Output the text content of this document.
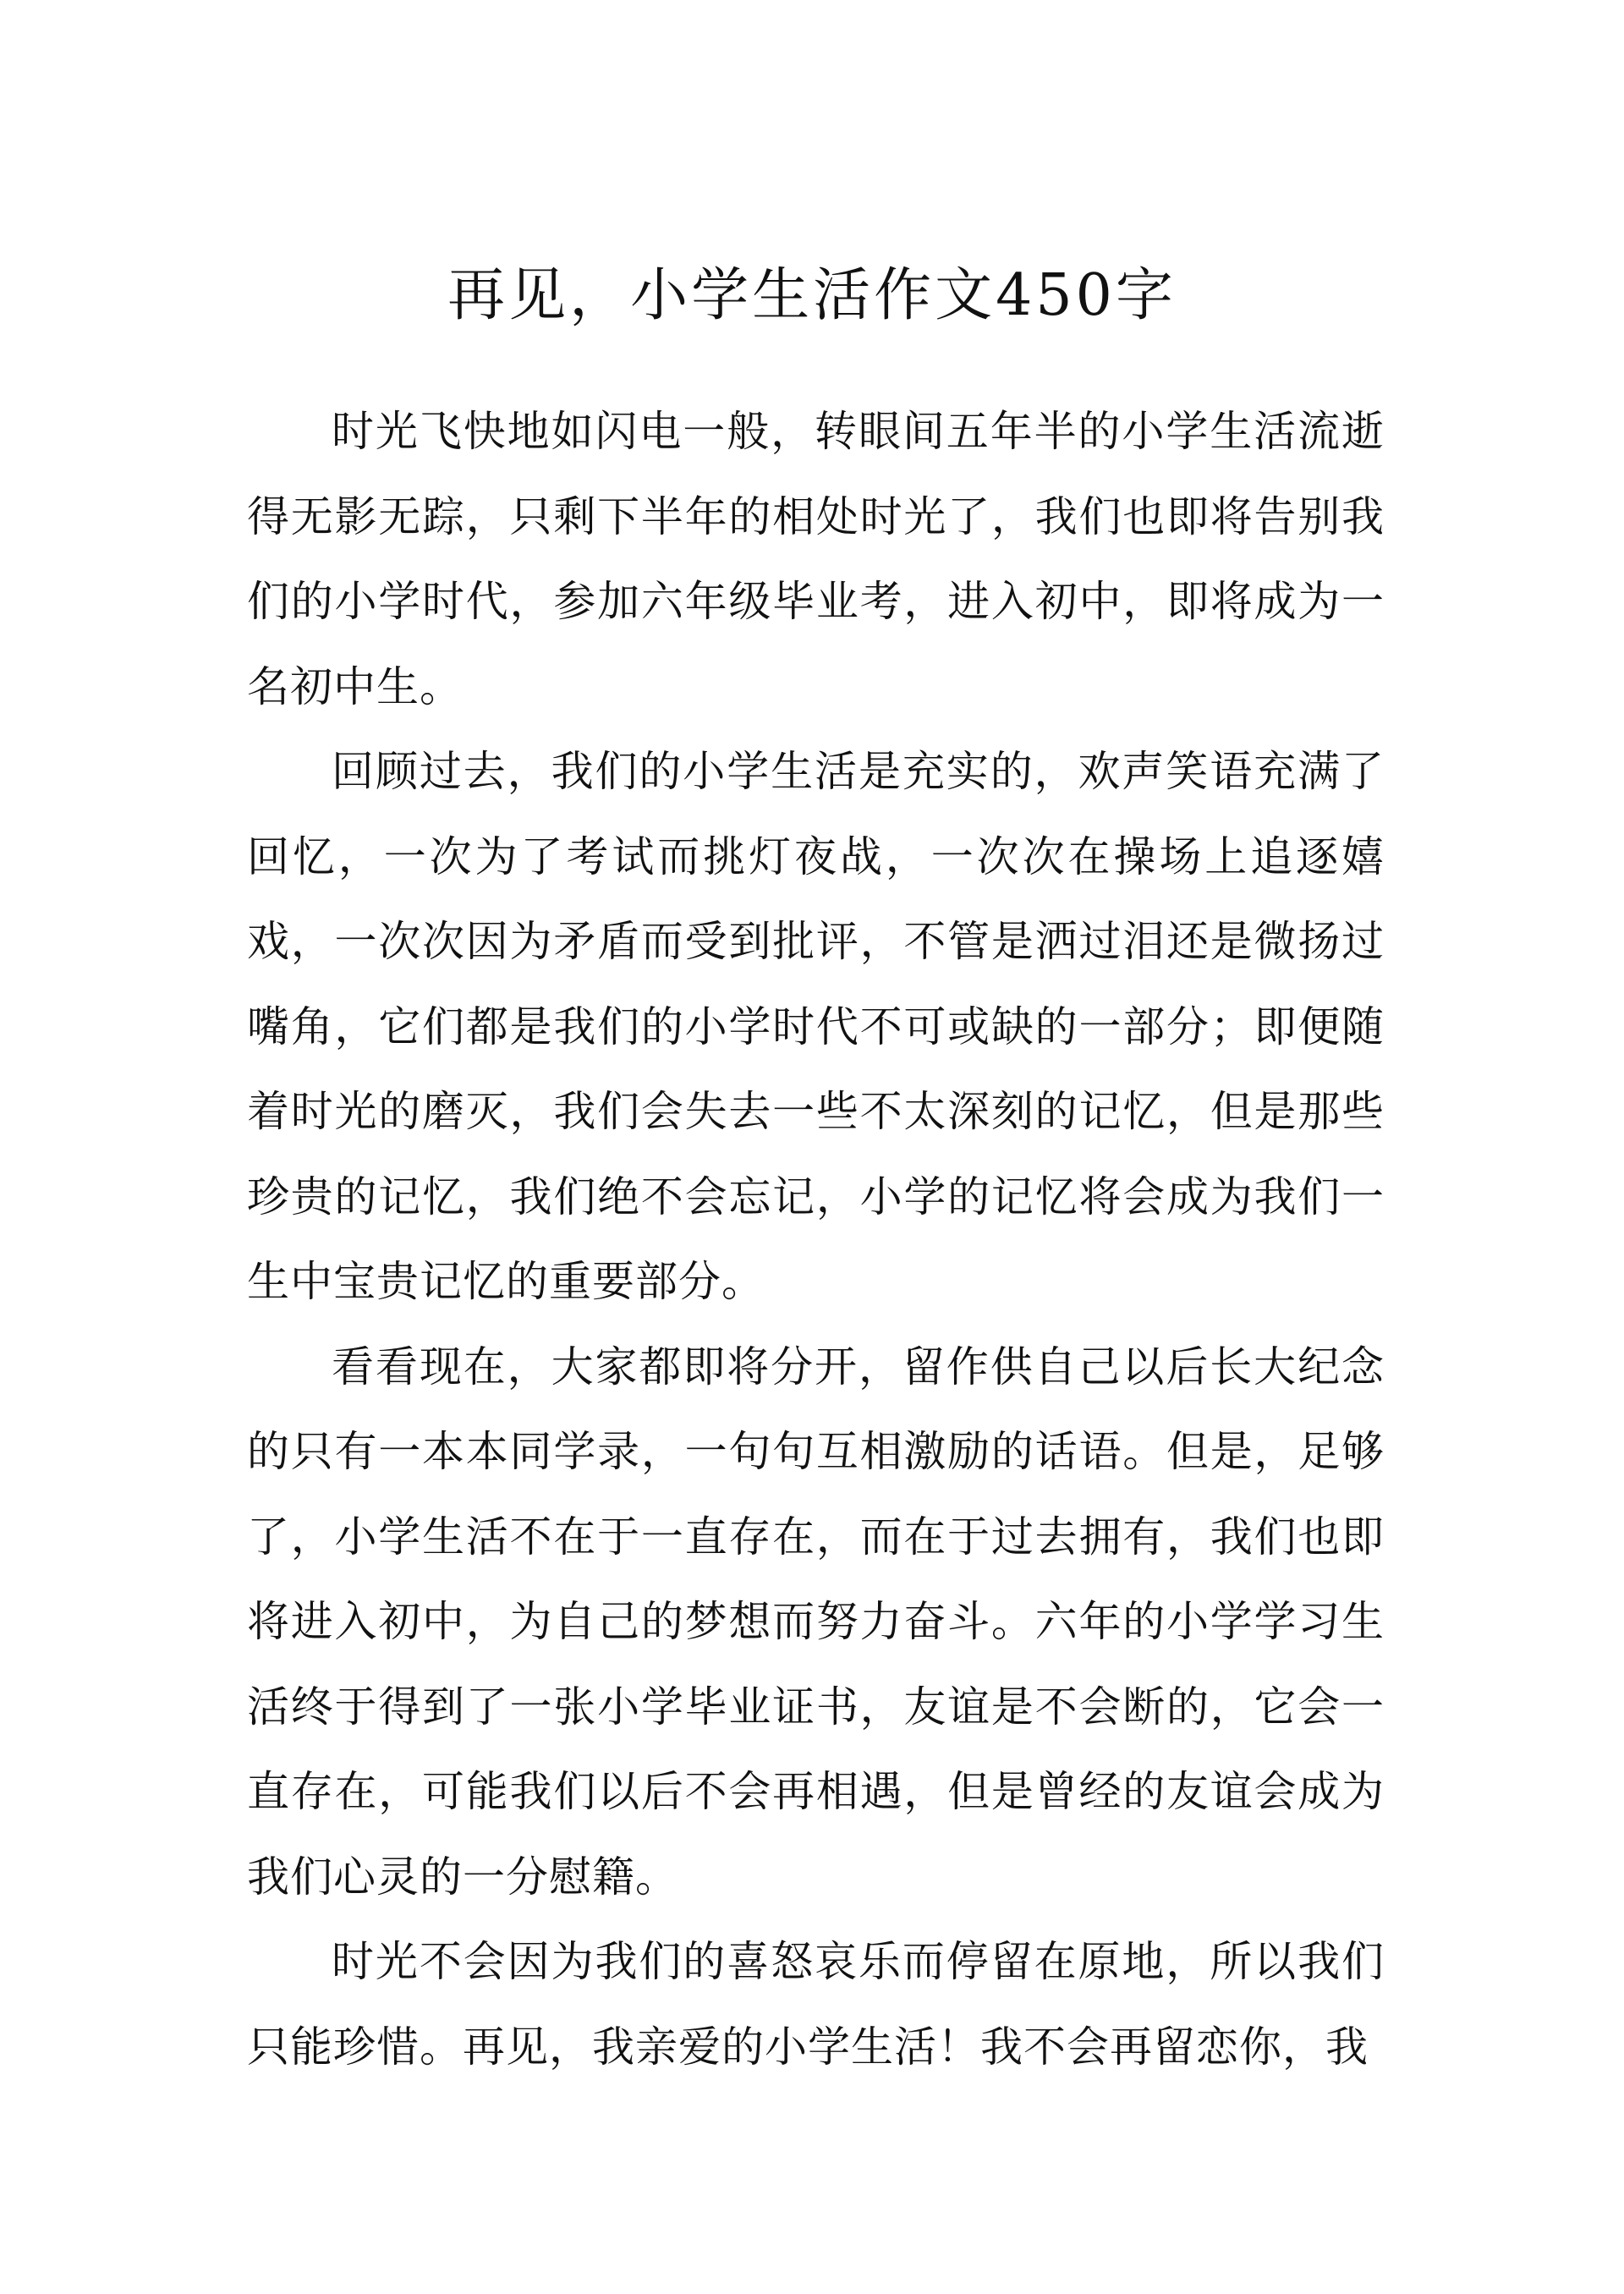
再见，小学生活作文450字

时光飞快地如闪电一般，转眼间五年半的小学生活流逝得无影无踪，只剩下半年的相处时光了，我们也即将告别我们的小学时代，参加六年级毕业考，进入初中，即将成为一名初中生。

回顾过去，我们的小学生活是充实的，欢声笑语充满了回忆，一次为了考试而挑灯夜战，一次次在操场上追逐嬉戏，一次次因为矛盾而受到批评，不管是洒过泪还是微扬过嘴角，它们都是我们的小学时代不可或缺的一部分；即便随着时光的磨灭，我们会失去一些不太深刻的记忆，但是那些珍贵的记忆，我们绝不会忘记，小学的记忆将会成为我们一生中宝贵记忆的重要部分。

看看现在，大家都即将分开，留作供自己以后长大纪念的只有一本本同学录，一句句互相激励的话语。但是，足够了，小学生活不在于一直存在，而在于过去拥有，我们也即将进入初中，为自己的梦想而努力奋斗。六年的小学学习生活终于得到了一张小学毕业证书，友谊是不会断的，它会一直存在，可能我们以后不会再相遇，但是曾经的友谊会成为我们心灵的一分慰籍。

时光不会因为我们的喜怒哀乐而停留在原地，所以我们只能珍惜。再见，我亲爱的小学生活！我不会再留恋你，我
